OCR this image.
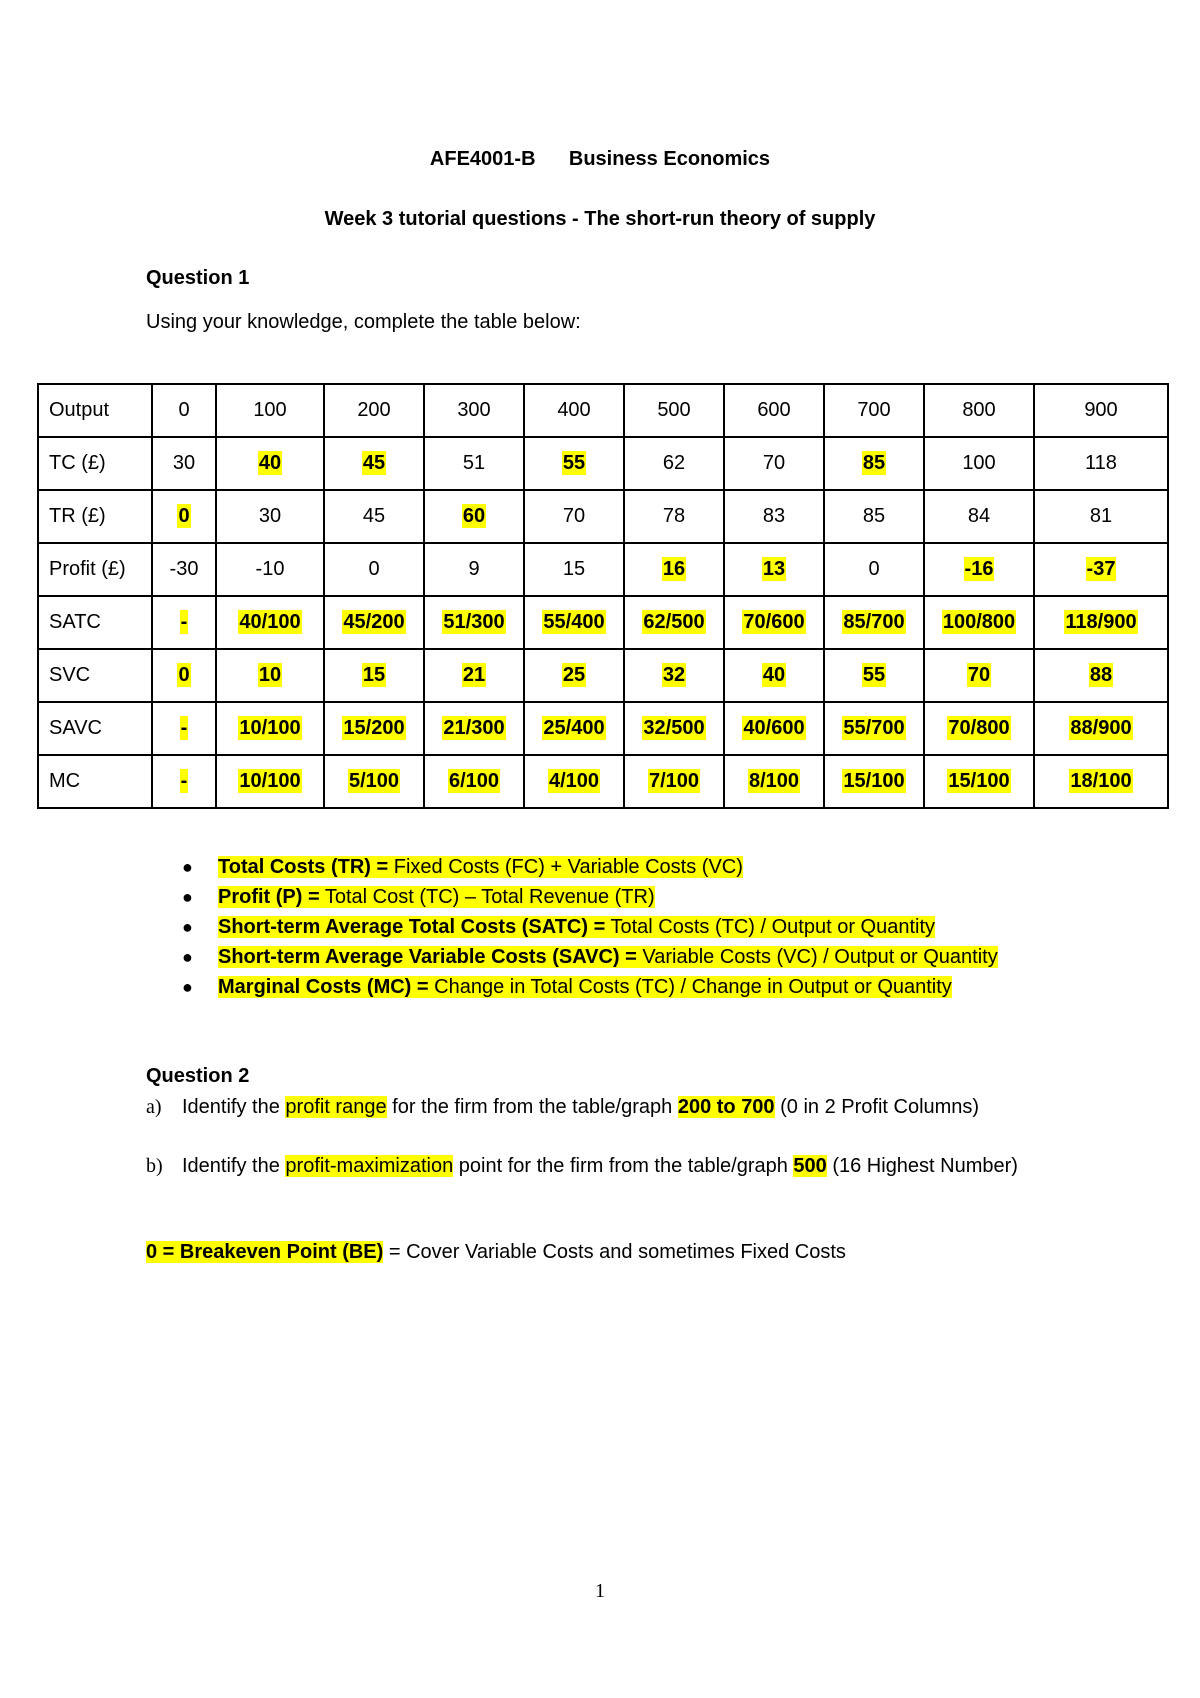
AFE4001-B Business Economics
Week 3 tutorial questions - The short-run theory of supply
Question 1
Using your knowledge, complete the table below:
Output	0	100	200	300	400	500	600	700	800	900
TC (£)	30	40	45	51	55	62	70	85	100	118
TR (£)	0	30	45	60	70	78	83	85	84	81
Profit (£)	-30	-10	0	9	15	16	13	0	-16	-37
SATC	-	40/100	45/200	51/300	55/400	62/500	70/600	85/700	100/800	118/900
SVC	0	10	15	21	25	32	40	55	70	88
SAVC	-	10/100	15/200	21/300	25/400	32/500	40/600	55/700	70/800	88/900
MC	-	10/100	5/100	6/100	4/100	7/100	8/100	15/100	15/100	18/100
● Total Costs (TR) = Fixed Costs (FC) + Variable Costs (VC)
● Profit (P) = Total Cost (TC) – Total Revenue (TR)
● Short-term Average Total Costs (SATC) = Total Costs (TC) / Output or Quantity
● Short-term Average Variable Costs (SAVC) = Variable Costs (VC) / Output or Quantity
● Marginal Costs (MC) = Change in Total Costs (TC) / Change in Output or Quantity
Question 2
a)	Identify the profit range for the firm from the table/graph 200 to 700 (0 in 2 Profit Columns)
b) Identify the profit-maximization point for the firm from the table/graph 500 (16 Highest Number)
0 = Breakeven Point (BE) = Cover Variable Costs and sometimes Fixed Costs
1
